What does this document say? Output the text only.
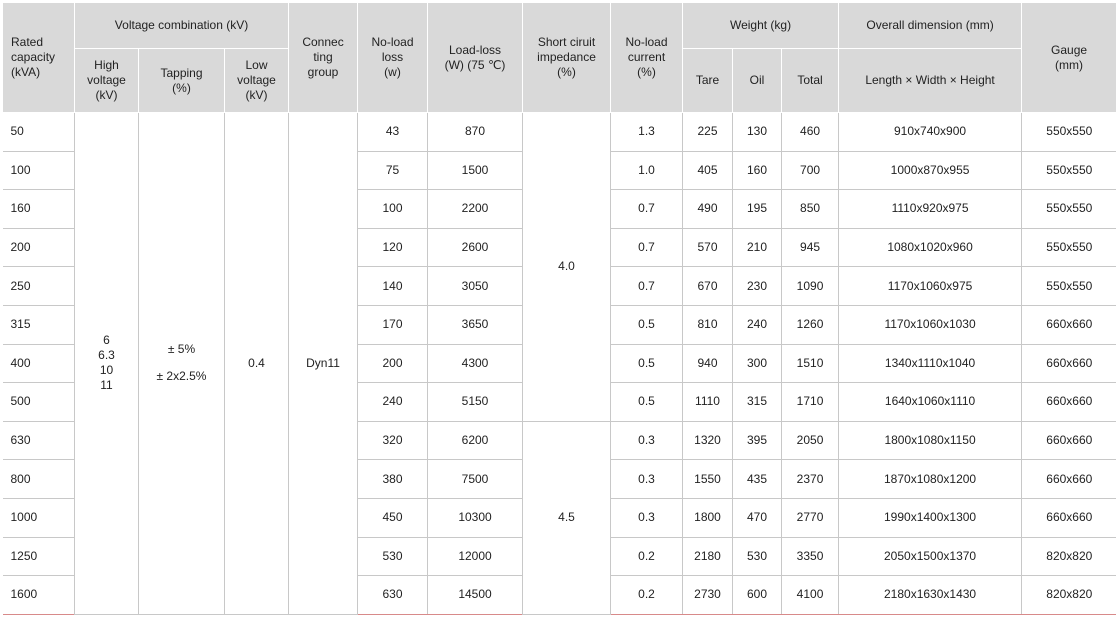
Rated
capacity
(kVA)	Voltage combination (kV)			Connec
ting
group	No-load
loss
(w)	Load-loss
(W) (75 ℃)	Short ciruit
impedance
(%)	No-load
current
(%)	Weight (kg)			Overall dimension (mm)	Gauge
(mm)

	High
voltage
(kV)	Tapping
(%)	Low
voltage
(kV)						Tare	Oil	Total	Length × Width × Height	
50	6
6.3
10
11	± 5%
± 2x2.5%	0.4	Dyn11	43	870	4.0	1.3	225	130	460	910x740x900	550x550
100					75	1500		1.0	405	160	700	1000x870x955	550x550
160					100	2200		0.7	490	195	850	1110x920x975	550x550
200					120	2600		0.7	570	210	945	1080x1020x960	550x550
250					140	3050		0.7	670	230	1090	1170x1060x975	550x550
315					170	3650		0.5	810	240	1260	1170x1060x1030	660x660
400					200	4300		0.5	940	300	1510	1340x1110x1040	660x660
500					240	5150		0.5	1110	315	1710	1640x1060x1110	660x660
630					320	6200	4.5	0.3	1320	395	2050	1800x1080x1150	660x660
800					380	7500		0.3	1550	435	2370	1870x1080x1200	660x660
1000					450	10300		0.3	1800	470	2770	1990x1400x1300	660x660
1250					530	12000		0.2	2180	530	3350	2050x1500x1370	820x820
1600					630	14500		0.2	2730	600	4100	2180x1630x1430	820x820
